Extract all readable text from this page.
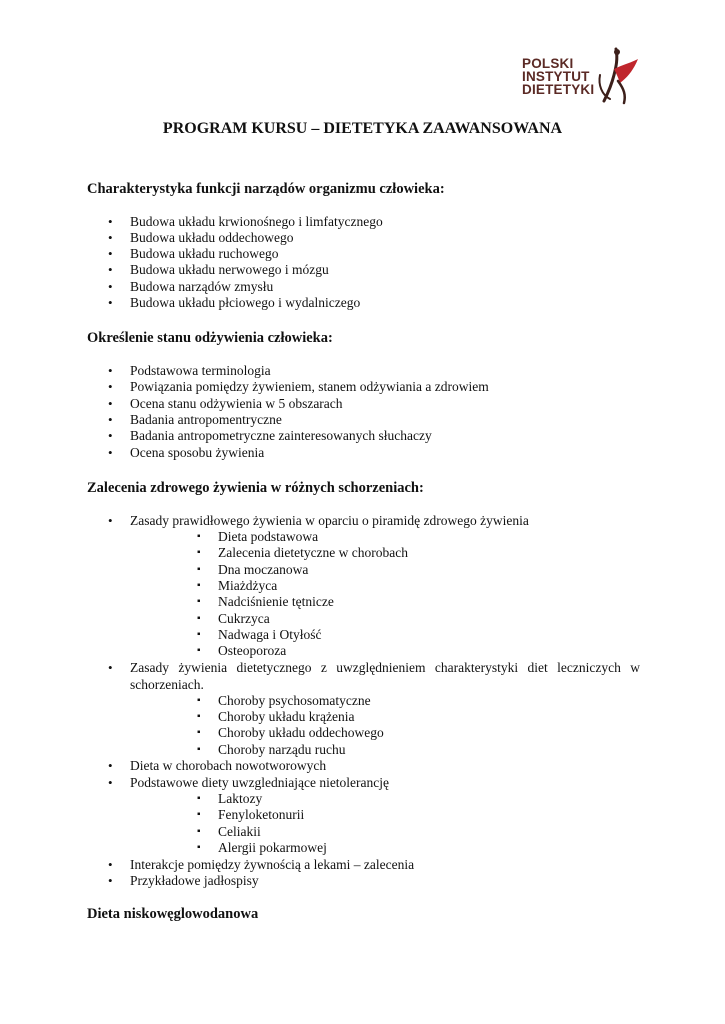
POLSKI
INSTYTUT
DIETETYKI
PROGRAM KURSU – DIETETYKA ZAAWANSOWANA
Charakterystyka funkcji narządów organizmu człowieka:
• Budowa układu krwionośnego i limfatycznego
• Budowa układu oddechowego
• Budowa układu ruchowego
• Budowa układu nerwowego i mózgu
• Budowa narządów zmysłu
• Budowa układu płciowego i wydalniczego
Określenie stanu odżywienia człowieka:
• Podstawowa terminologia
• Powiązania pomiędzy żywieniem, stanem odżywiania a zdrowiem
• Ocena stanu odżywienia w 5 obszarach
• Badania antropomentryczne
• Badania antropometryczne zainteresowanych słuchaczy
• Ocena sposobu żywienia
Zalecenia zdrowego żywienia w różnych schorzeniach:
• Zasady prawidłowego żywienia w oparciu o piramidę zdrowego żywienia
▪ Dieta podstawowa
▪ Zalecenia dietetyczne w chorobach
▪ Dna moczanowa
▪ Miażdżyca
▪ Nadciśnienie tętnicze
▪ Cukrzyca
▪ Nadwaga i Otyłość
▪ Osteoporoza
• Zasady żywienia dietetycznego z uwzględnieniem charakterystyki diet leczniczych w schorzeniach.
▪ Choroby psychosomatyczne
▪ Choroby układu krążenia
▪ Choroby układu oddechowego
▪ Choroby narządu ruchu
• Dieta w chorobach nowotworowych
• Podstawowe diety uwzgledniające nietolerancję
▪ Laktozy
▪ Fenyloketonurii
▪ Celiakii
▪ Alergii pokarmowej
• Interakcje pomiędzy żywnością a lekami – zalecenia
• Przykładowe jadłospisy
Dieta niskowęglowodanowa
